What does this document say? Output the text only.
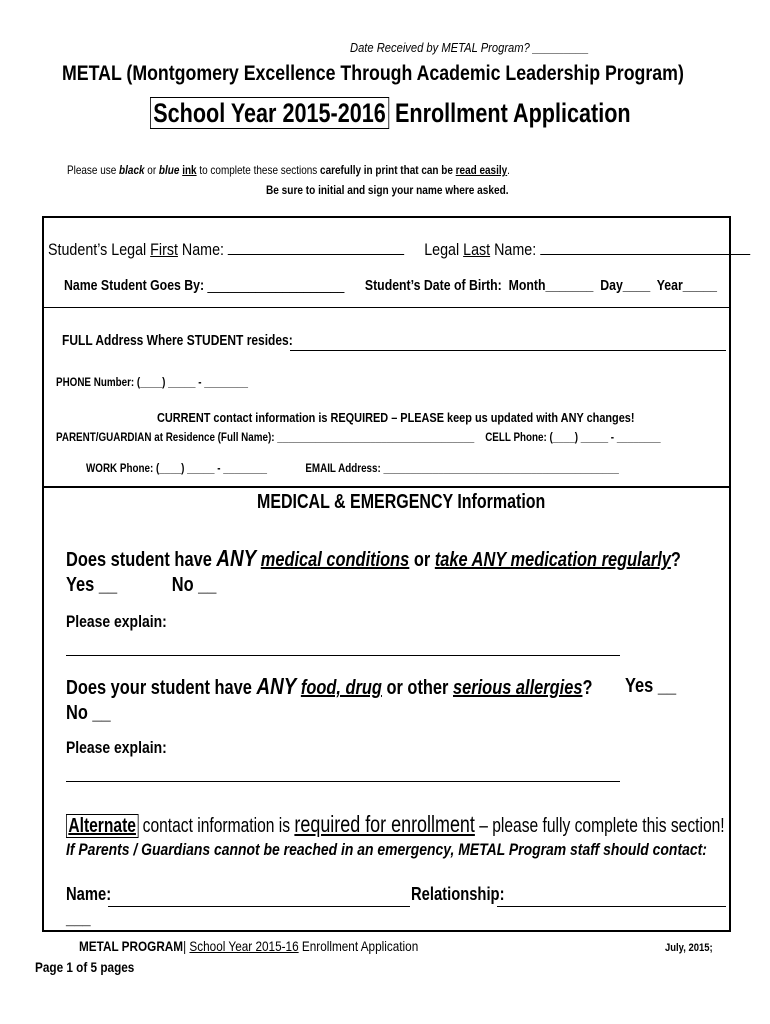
Date Received by METAL Program? _________
METAL (Montgomery Excellence Through Academic Leadership Program)
School Year 2015-2016 Enrollment Application
Please use black or blue ink to complete these sections carefully in print that can be read easily.
Be sure to initial and sign your name where asked.
Student’s Legal First Name:	Legal Last Name:
Name Student Goes By: ____________________ Student’s Date of Birth: Month_______ Day____ Year_____
FULL Address Where STUDENT resides:
PHONE Number: (____) _____ - ________
CURRENT contact information is REQUIRED – PLEASE keep us updated with ANY changes!
PARENT/GUARDIAN at Residence (Full Name): ____________________________________ CELL Phone: (____) _____ - ________
WORK Phone: (____) _____ - ________	EMAIL Address: ___________________________________________
MEDICAL & EMERGENCY Information
Does student have ANY medical conditions or take ANY medication regularly?
Yes __	No __
Please explain:
Does your student have ANY food, drug or other serious allergies?	Yes __
No __
Please explain:
Alternate contact information is required for enrollment – please fully complete this section!
If Parents / Guardians cannot be reached in an emergency, METAL Program staff should contact:
Name:	Relationship:
___
METAL PROGRAM| School Year 2015-16 Enrollment Application	July, 2015;
Page 1 of 5 pages
